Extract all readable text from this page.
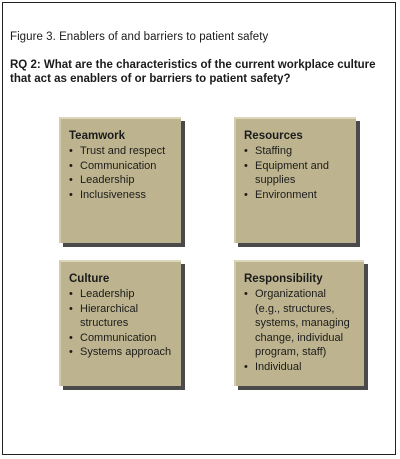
Figure 3. Enablers of and barriers to patient safety
RQ 2: What are the characteristics of the current workplace culture that act as enablers of or barriers to patient safety?
Teamwork
• Trust and respect
• Communication
• Leadership
• Inclusiveness
Resources
• Staffing
• Equipment and supplies
• Environment
Culture
• Leadership
• Hierarchical structures
• Communication
• Systems approach
Responsibility
• Organizational (e.g., structures, systems, managing change, individual program, staff)
• Individual
